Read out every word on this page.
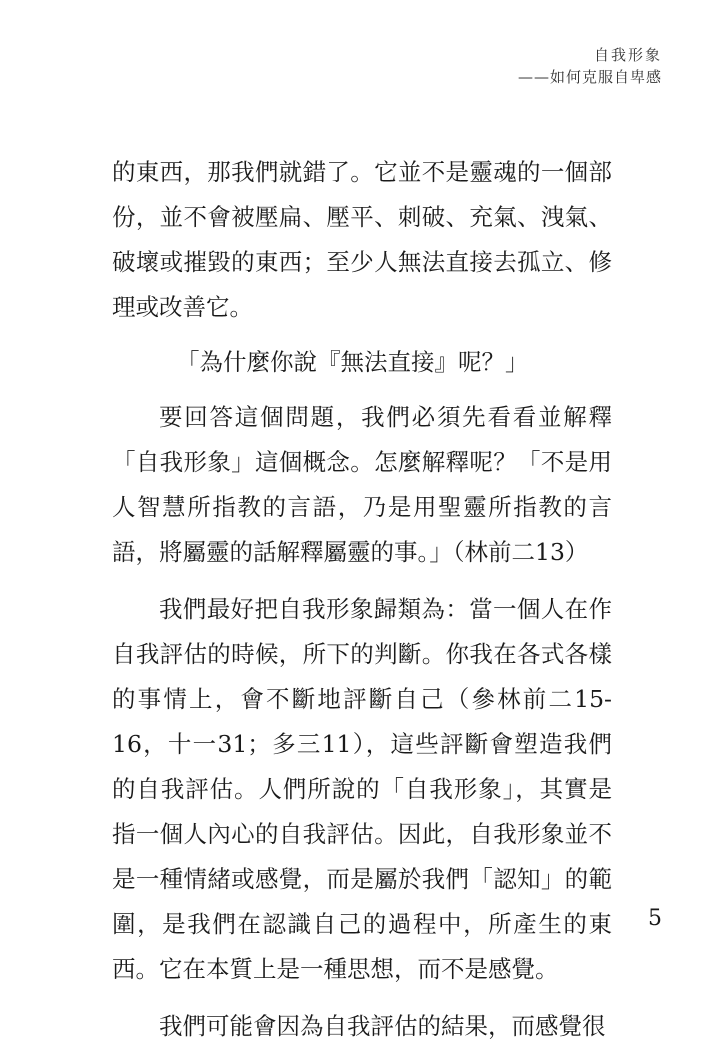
自我形象
——如何克服自卑感

的東西，那我們就錯了。它並不是靈魂的一個部份，並不會被壓扁、壓平、刺破、充氣、洩氣、破壞或摧毀的東西；至少人無法直接去孤立、修理或改善它。

「為什麼你說『無法直接』呢？」

要回答這個問題，我們必須先看看並解釋「自我形象」這個概念。怎麼解釋呢？「不是用人智慧所指教的言語，乃是用聖靈所指教的言語，將屬靈的話解釋屬靈的事。」（林前二13）

我們最好把自我形象歸類為：當一個人在作自我評估的時候，所下的判斷。你我在各式各樣的事情上，會不斷地評斷自己（參林前二15-16，十一31；多三11），這些評斷會塑造我們的自我評估。人們所說的「自我形象」，其實是指一個人內心的自我評估。因此，自我形象並不是一種情緒或感覺，而是屬於我們「認知」的範圍，是我們在認識自己的過程中，所產生的東西。它在本質上是一種思想，而不是感覺。

我們可能會因為自我評估的結果，而感覺很

5
